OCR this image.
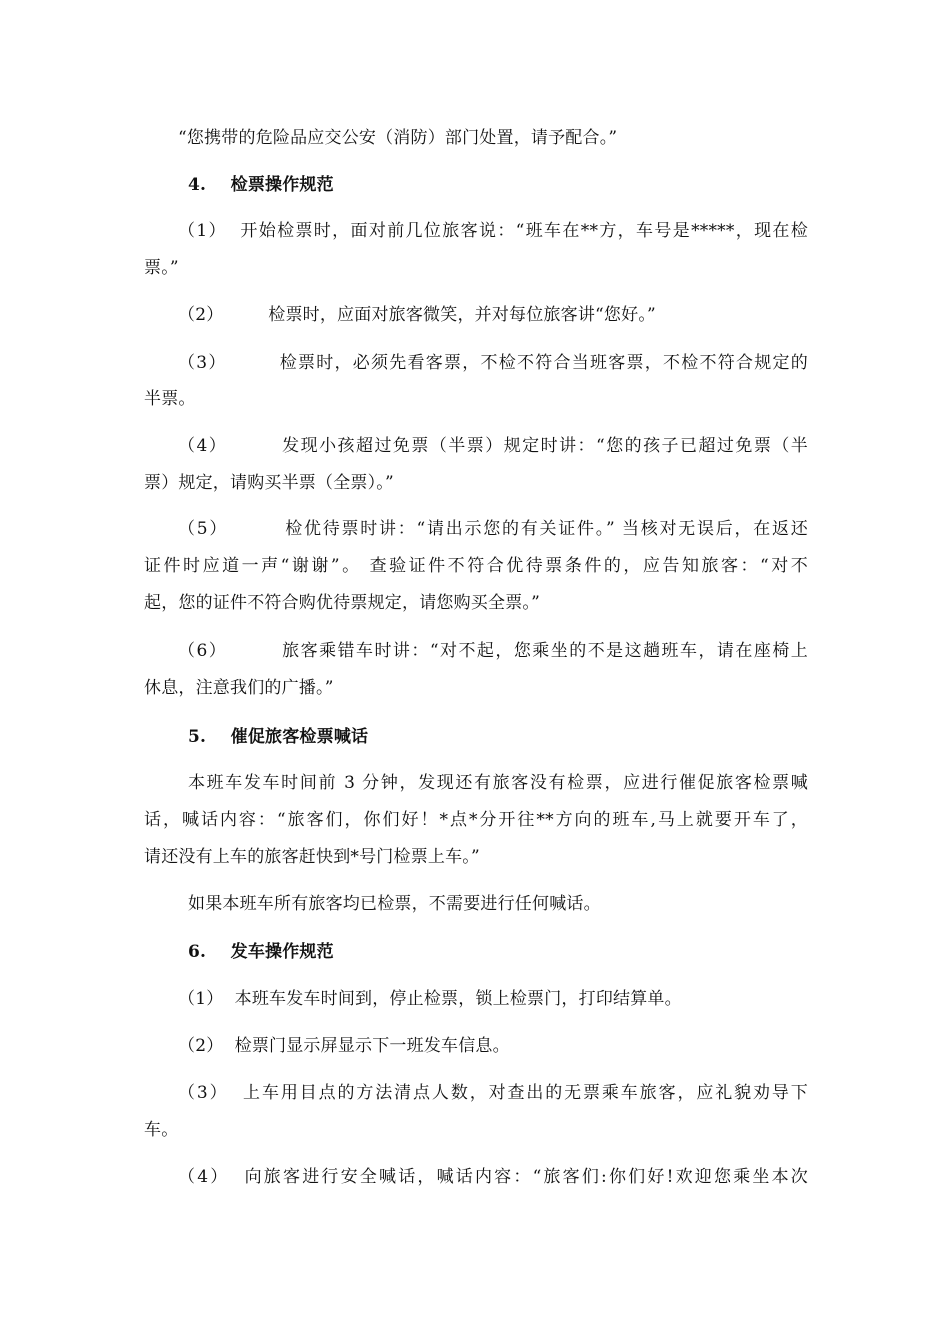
“您携带的危险品应交公安（消防）部门处置，请予配合。”
4.    检票操作规范
（1）  开始检票时，面对前几位旅客说：“班车在**方，车号是*****，现在检
票。”
（2）        检票时，应面对旅客微笑，并对每位旅客讲“您好。”
（3）        检票时，必须先看客票，不检不符合当班客票，不检不符合规定的
半票。
（4）        发现小孩超过免票（半票）规定时讲：“您的孩子已超过免票（半
票）规定，请购买半票（全票）。”
（5）        检优待票时讲：“请出示您的有关证件。” 当核对无误后，在返还
证件时应道一声“谢谢”。 查验证件不符合优待票条件的，应告知旅客：“对不
起，您的证件不符合购优待票规定，请您购买全票。”
（6）        旅客乘错车时讲：“对不起，您乘坐的不是这趟班车，请在座椅上
休息，注意我们的广播。”
5.    催促旅客检票喊话
本班车发车时间前 3 分钟，发现还有旅客没有检票，应进行催促旅客检票喊
话，喊话内容：“旅客们，你们好！*点*分开往**方向的班车,马上就要开车了，
请还没有上车的旅客赶快到*号门检票上车。”
如果本班车所有旅客均已检票，不需要进行任何喊话。
6.    发车操作规范
（1）  本班车发车时间到，停止检票，锁上检票门，打印结算单。
（2）  检票门显示屏显示下一班发车信息。
（3）  上车用目点的方法清点人数，对查出的无票乘车旅客，应礼貌劝导下
车。
（4）  向旅客进行安全喊话，喊话内容：“旅客们:你们好!欢迎您乘坐本次
